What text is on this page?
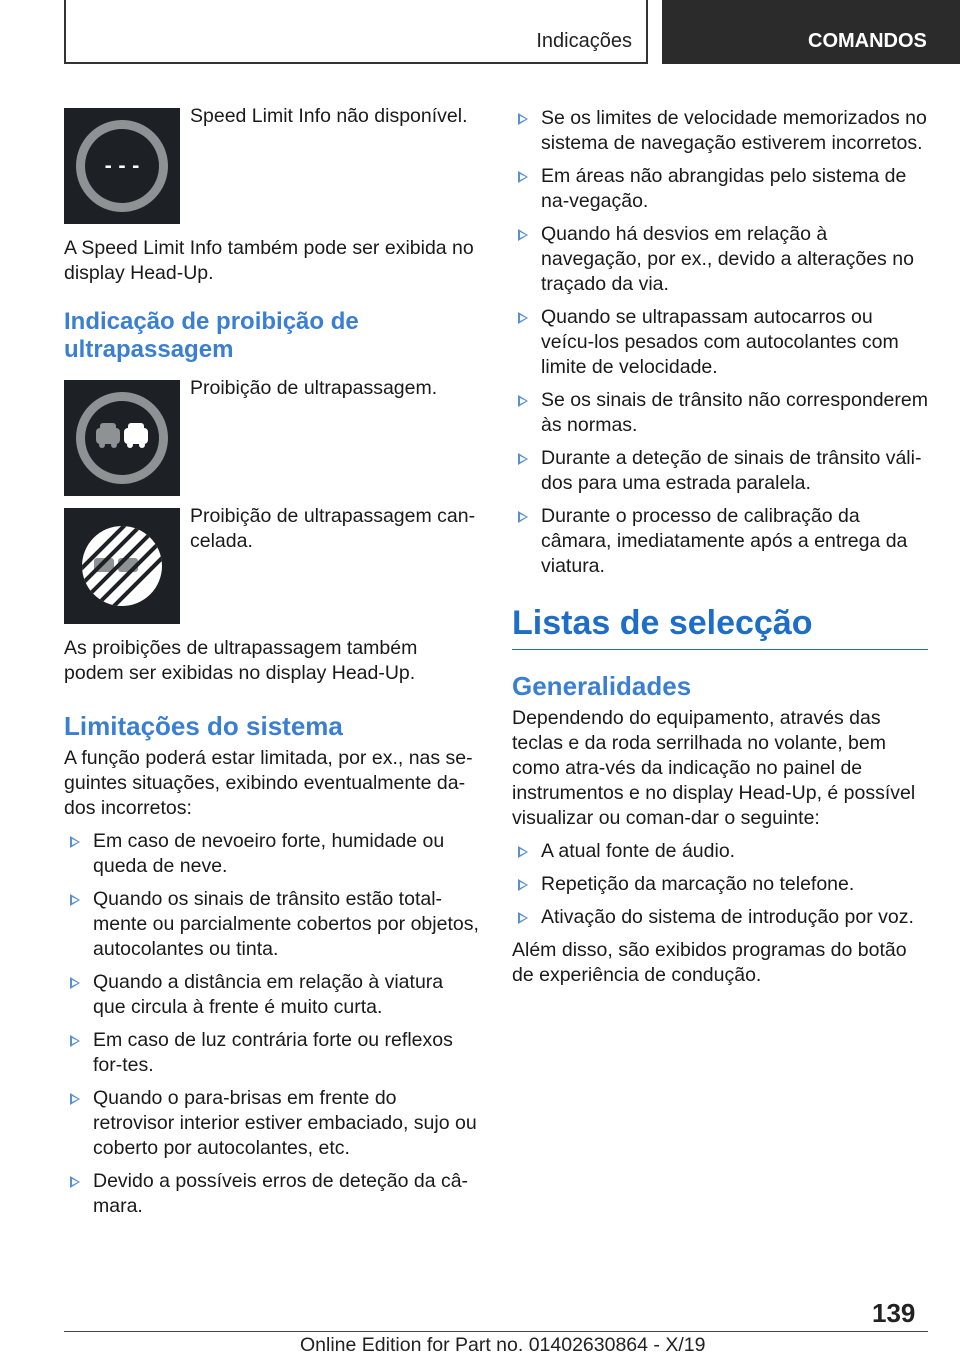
Indicações	COMANDOS
- - -

Speed Limit Info não disponível.

A Speed Limit Info também pode ser exibida no display Head-Up.

Indicação de proibição de ultrapassagem

Proibição de ultrapassagem.

Proibição de ultrapassagem can-celada.

As proibições de ultrapassagem também podem ser exibidas no display Head-Up.

Limitações do sistema

A função poderá estar limitada, por ex., nas se-guintes situações, exibindo eventualmente da-dos incorretos:

Em caso de nevoeiro forte, humidade ou queda de neve.
Quando os sinais de trânsito estão total-mente ou parcialmente cobertos por objetos, autocolantes ou tinta.
Quando a distância em relação à viatura que circula à frente é muito curta.
Em caso de luz contrária forte ou reflexos for-tes.
Quando o para-brisas em frente do retrovisor interior estiver embaciado, sujo ou coberto por autocolantes, etc.
Devido a possíveis erros de deteção da câ-mara.
Se os limites de velocidade memorizados no sistema de navegação estiverem incorretos.
Em áreas não abrangidas pelo sistema de na-vegação.
Quando há desvios em relação à navegação, por ex., devido a alterações no traçado da via.
Quando se ultrapassam autocarros ou veícu-los pesados com autocolantes com limite de velocidade.
Se os sinais de trânsito não corresponderem às normas.
Durante a deteção de sinais de trânsito váli-dos para uma estrada paralela.
Durante o processo de calibração da câmara, imediatamente após a entrega da viatura.
Listas de selecção
Generalidades

Dependendo do equipamento, através das teclas e da roda serrilhada no volante, bem como atra-vés da indicação no painel de instrumentos e no display Head-Up, é possível visualizar ou coman-dar o seguinte:

A atual fonte de áudio.
Repetição da marcação no telefone.
Ativação do sistema de introdução por voz.

Além disso, são exibidos programas do botão de experiência de condução.

139
Online Edition for Part no. 01402630864 - X/19
